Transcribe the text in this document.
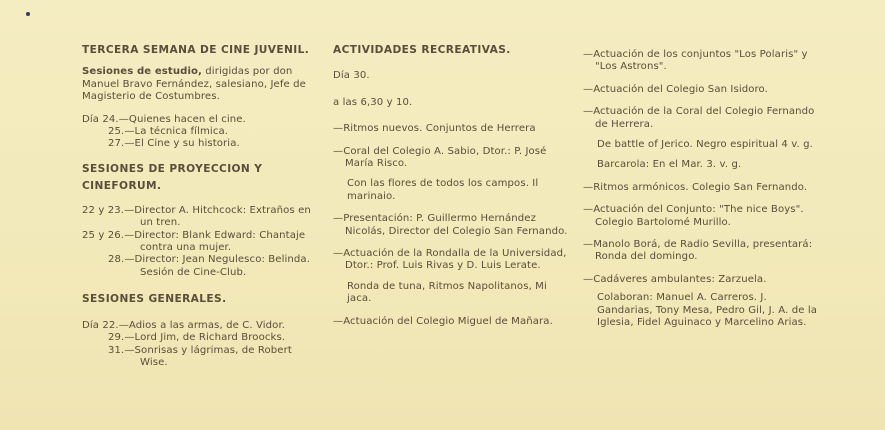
TERCERA SEMANA DE CINE JUVENIL.

Sesiones de estudio, dirigidas por don Manuel Bravo Fernández, salesiano, Jefe de Magisterio de Costumbres.

Día 24.—Quienes hacen el cine.

25.—La técnica fílmica.

27.—El Cine y su historia.

SESIONES DE PROYECCION Y CINEFORUM.

22 y 23.—Director A. Hitchcock: Extraños en un tren.

25 y 26.—Director: Blank Edward: Chantaje contra una mujer.

28.—Director: Jean Negulesco: Belinda. Sesión de Cine-Club.

SESIONES GENERALES.

Día 22.—Adios a las armas, de C. Vidor.

29.—Lord Jim, de Richard Broocks.

31.—Sonrisas y lágrimas, de Robert Wise.

ACTIVIDADES RECREATIVAS.

Día 30.

a las 6,30 y 10.

—Ritmos nuevos. Conjuntos de Herrera

—Coral del Colegio A. Sabio, Dtor.: P. José María Risco.

Con las flores de todos los campos. Il marinaio.

—Presentación: P. Guillermo Hernández Nicolás, Director del Colegio San Fernando.

—Actuación de la Rondalla de la Universidad, Dtor.: Prof. Luis Rivas y D. Luis Lerate.

Ronda de tuna, Ritmos Napolitanos, Mi jaca.

—Actuación del Colegio Miguel de Mañara.

—Actuación de los conjuntos "Los Polaris" y "Los Astrons".

—Actuación del Colegio San Isidoro.

—Actuación de la Coral del Colegio Fernando de Herrera.

De battle of Jerico. Negro espiritual 4 v. g.

Barcarola: En el Mar. 3. v. g.

—Ritmos armónicos. Colegio San Fernando.

—Actuación del Conjunto: "The nice Boys". Colegio Bartolomé Murillo.

—Manolo Borá, de Radio Sevilla, presentará: Ronda del domingo.

—Cadáveres ambulantes: Zarzuela.

Colaboran: Manuel A. Carreros. J. Gandarias, Tony Mesa, Pedro Gil, J. A. de la Iglesia, Fidel Aguinaco y Marcelino Arias.
